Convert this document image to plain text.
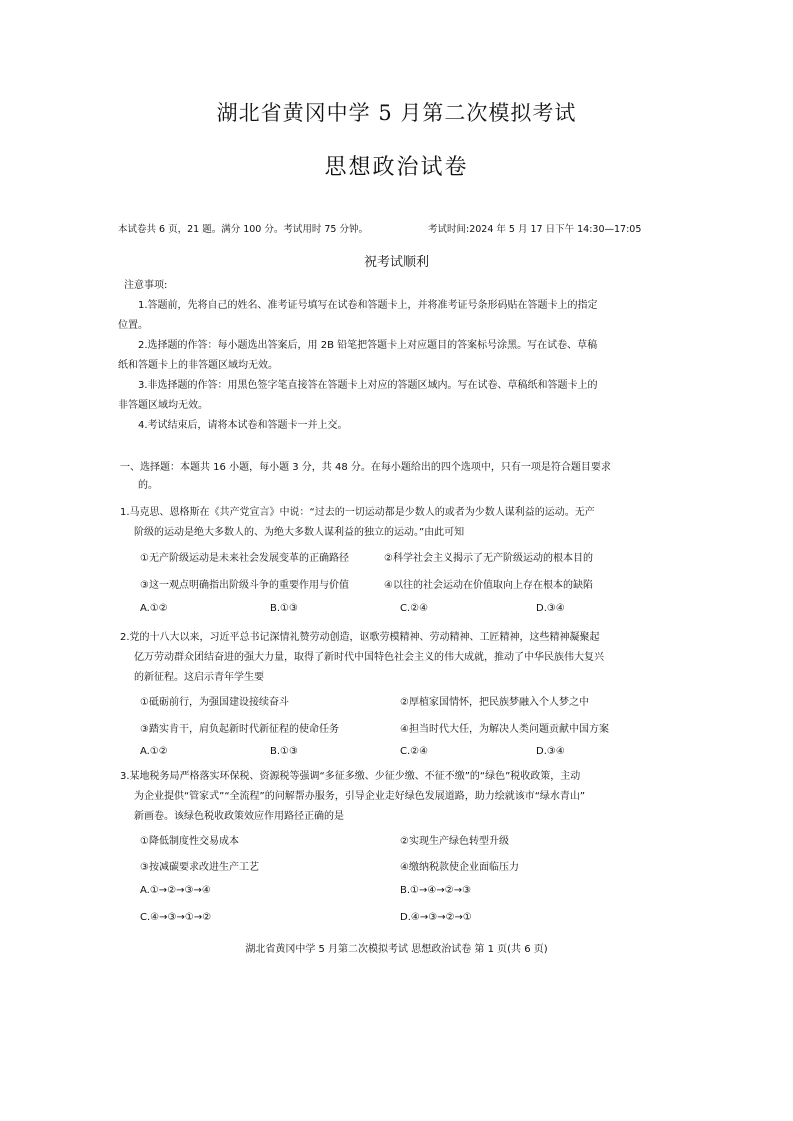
湖北省黄冈中学 5 月第二次模拟考试
思想政治试卷
本试卷共 6 页，21 题。满分 100 分。考试用时 75 分钟。	考试时间:2024 年 5 月 17 日下午 14:30—17:05
祝考试顺利
注意事项:
1.答题前，先将自己的姓名、准考证号填写在试卷和答题卡上，并将准考证号条形码贴在答题卡上的指定
位置。
2.选择题的作答：每小题选出答案后，用 2B 铅笔把答题卡上对应题目的答案标号涂黑。写在试卷、草稿
纸和答题卡上的非答题区域均无效。
3.非选择题的作答：用黑色签字笔直接答在答题卡上对应的答题区域内。写在试卷、草稿纸和答题卡上的
非答题区域均无效。
4.考试结束后，请将本试卷和答题卡一并上交。
一、选择题：本题共 16 小题，每小题 3 分，共 48 分。在每小题给出的四个选项中，只有一项是符合题目要求
的。
1.马克思、恩格斯在《共产党宣言》中说：“过去的一切运动都是少数人的或者为少数人谋利益的运动。无产
阶级的运动是绝大多数人的、为绝大多数人谋利益的独立的运动。”由此可知
①无产阶级运动是未来社会发展变革的正确路径	②科学社会主义揭示了无产阶级运动的根本目的
③这一观点明确指出阶级斗争的重要作用与价值	④以往的社会运动在价值取向上存在根本的缺陷
A.①②	B.①③	C.②④	D.③④
2.党的十八大以来，习近平总书记深情礼赞劳动创造，讴歌劳模精神、劳动精神、工匠精神，这些精神凝聚起
亿万劳动群众团结奋进的强大力量，取得了新时代中国特色社会主义的伟大成就，推动了中华民族伟大复兴
的新征程。这启示青年学生要
①砥砺前行，为强国建设接续奋斗	②厚植家国情怀，把民族梦融入个人梦之中
③踏实肯干，肩负起新时代新征程的使命任务	④担当时代大任，为解决人类问题贡献中国方案
A.①②	B.①③	C.②④	D.③④
3.某地税务局严格落实环保税、资源税等强调“多征多缴、少征少缴、不征不缴”的“绿色”税收政策，主动
为企业提供“管家式”“全流程”的问解帮办服务，引导企业走好绿色发展道路，助力绘就该市“绿水青山”
新画卷。该绿色税收政策效应作用路径正确的是
①降低制度性交易成本	②实现生产绿色转型升级
③按减碳要求改进生产工艺	④缴纳税款使企业面临压力
A.①→②→③→④	B.①→④→②→③
C.④→③→①→②	D.④→③→②→①
湖北省黄冈中学 5 月第二次模拟考试 思想政治试卷 第 1 页(共 6 页)
